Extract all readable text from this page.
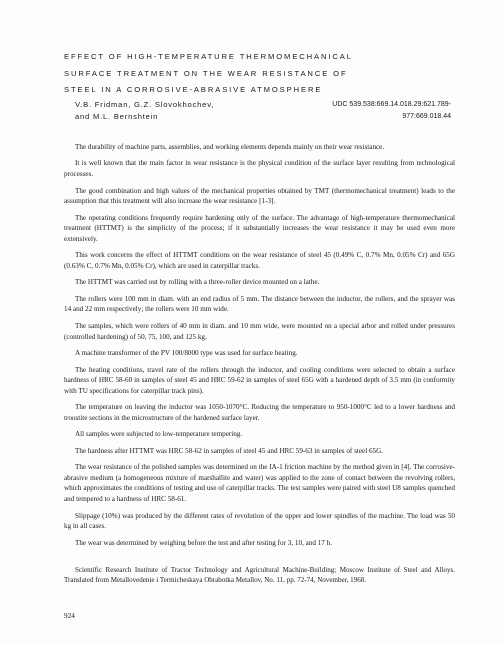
EFFECT OF HIGH-TEMPERATURE THERMOMECHANICAL
SURFACE TREATMENT ON THE WEAR RESISTANCE OF
STEEL IN A CORROSIVE-ABRASIVE ATMOSPHERE
V.B. Fridman, G.Z. Slovokhochev,
and M.L. Bernshtein
UDC 539.538:669.14.018.29:621.789-
977:669.018.44

The durability of machine parts, assemblies, and working elements depends mainly on their wear resistance.

It is well known that the main factor in wear resistance is the physical condition of the surface layer resulting from technological processes.

The good combination and high values of the mechanical properties obtained by TMT (thermomechanical treatment) leads to the assumption that this treatment will also increase the wear resistance [1-3].

The operating conditions frequently require hardening only of the surface. The advantage of high-temperature thermomechanical treatment (HTTMT) is the simplicity of the process; if it substantially increases the wear resistance it may be used even more extensively.

This work concerns the effect of HTTMT conditions on the wear resistance of steel 45 (0.49% C, 0.7% Mn, 0.05% Cr) and 65G (0.63% C, 0.7% Mn, 0.05% Cr), which are used in caterpillar tracks.

The HTTMT was carried out by rolling with a three-roller device mounted on a lathe.

The rollers were 100 mm in diam. with an end radius of 5 mm. The distance between the inductor, the rollers, and the sprayer was 14 and 22 mm respectively; the rollers were 10 mm wide.

The samples, which were rollers of 40 mm in diam. and 10 mm wide, were mounted on a special arbor and rolled under pressures (controlled hardening) of 50, 75, 100, and 125 kg.

A machine transformer of the PV 100/8000 type was used for surface heating.

The heating conditions, travel rate of the rollers through the inductor, and cooling conditions were selected to obtain a surface hardness of HRC 58-60 in samples of steel 45 and HRC 59-62 in samples of steel 65G with a hardened depth of 3.5 mm (in conformity with TU specifications for caterpillar track pins).

The temperature on leaving the inductor was 1050-1070°C. Reducing the temperature to 950-1000°C led to a lower hardness and troostite sections in the microstructure of the hardened surface layer.

All samples were subjected to low-temperature tempering.

The hardness after HTTMT was HRC 58-62 in samples of steel 45 and HRC 59-63 in samples of steel 65G.

The wear resistance of the polished samples was determined on the IA-1 friction machine by the method given in [4]. The corrosive-abrasive medium (a homogeneous mixture of marshallite and water) was applied to the zone of contact between the revolving rollers, which approximates the conditions of testing and use of caterpillar tracks. The test samples were paired with steel U8 samples quenched and tempered to a hardness of HRC 58-61.

Slippage (10%) was produced by the different rates of revolution of the upper and lower spindles of the machine. The load was 50 kg in all cases.

The wear was determined by weighing before the test and after testing for 3, 10, and 17 h.

Scientific Research Institute of Tractor Technology and Agricultural Machine-Building; Moscow Institute of Steel and Alloys. Translated from Metallovedenie i Termicheskaya Obrabotka Metallov, No. 11, pp. 72-74, November, 1968.

924
